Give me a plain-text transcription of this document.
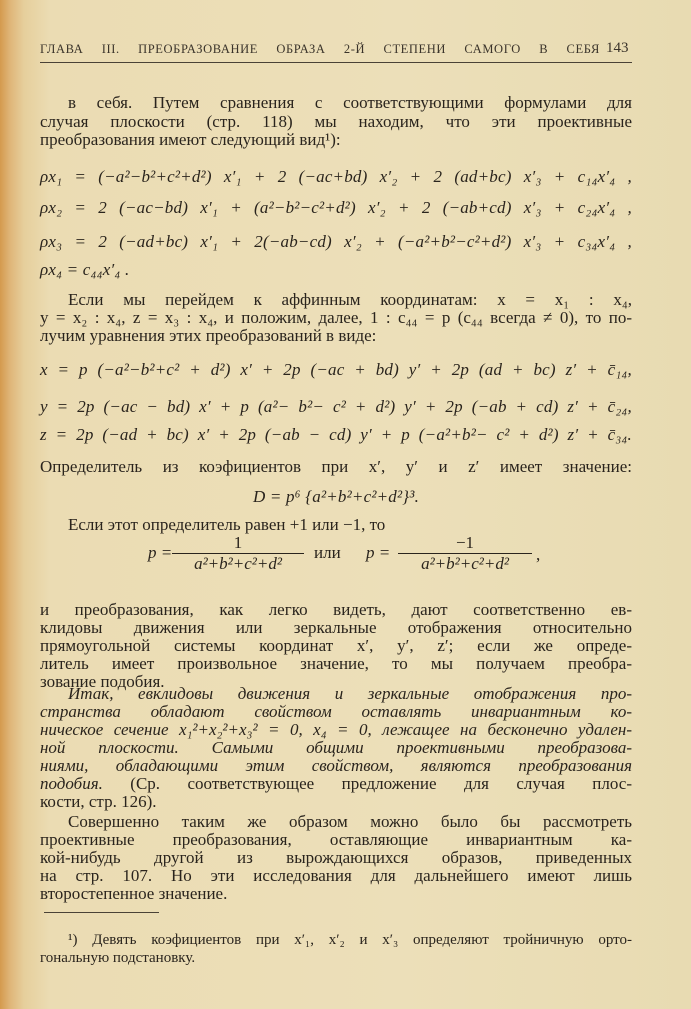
ГЛАВА III. ПРЕОБРАЗОВАНИЕ ОБРАЗА 2-Й СТЕПЕНИ САМОГО В СЕБЯ 143
в себя. Путем сравнения с соответствующими формулами для
случая плоскости (стр. 118) мы находим, что эти проективные
преобразования имеют следующий вид¹):
ρx₁ = (−a²−b²+c²+d²) x′₁ + 2 (−ac+bd) x′₂ + 2 (ad+bc) x′₃ + c₁₄x′₄ ,
ρx₂ = 2 (−ac−bd) x′₁ + (a²−b²−c²+d²) x′₂ + 2 (−ab+cd) x′₃ + c₂₄x′₄ ,
ρx₃ = 2 (−ad+bc) x′₁ + 2(−ab−cd) x′₂ + (−a²+b²−c²+d²) x′₃ + c₃₄x′₄ ,
ρx₄ = c₄₄x′₄ .
Если мы перейдем к аффинным координатам: x = x₁ : x₄,
y = x₂ : x₄, z = x₃ : x₄, и положим, далее, 1 : c₄₄ = p (c₄₄ всегда ≠ 0), то по-
лучим уравнения этих преобразований в виде:
x = p (−a²−b²+c² + d²) x′ + 2p (−ac + bd) y′ + 2p (ad + bc) z′ + c̄₁₄,
y = 2p (−ac − bd) x′ + p (a²− b²− c² + d²) y′ + 2p (−ab + cd) z′ + c̄₂₄,
z = 2p (−ad + bc) x′ + 2p (−ab − cd) y′ + p (−a²+b²− c² + d²) z′ + c̄₃₄.
Определитель из коэфициентов при x′, y′ и z′ имеет значение:
D = p⁶ {a²+b²+c²+d²}³.
Если этот определитель равен +1 или −1, то
и преобразования, как легко видеть, дают соответственно ев-
клидовы движения или зеркальные отображения относительно
прямоугольной системы координат x′, y′, z′; если же опреде-
литель имеет произвольное значение, то мы получаем преобра-
зование подобия.
Итак, евклидовы движения и зеркальные отображения про-
странства обладают свойством оставлять инвариантным ко-
ническое сечение x₁²+x₂²+x₃² = 0, x₄ = 0, лежащее на бесконечно удален-
ной плоскости. Самыми общими проективными преобразова-
ниями, обладающими этим свойством, являются преобразования
кости, стр. 126).
Совершенно таким же образом можно было бы рассмотреть
проективные преобразования, оставляющие инвариантным ка-
кой-нибудь другой из вырождающихся образов, приведенных
на стр. 107. Но эти исследования для дальнейшего имеют лишь
второстепенное значение.
¹) Девять коэфициентов при x′₁, x′₂ и x′₃ определяют тройничную орто-
гональную подстановку.
подобия. (Ср. соответствующее предложение для случая плос-
$p = \frac{1}{\text{a²+b²+c²+d²}}$ или $p = \frac{-1}{\text{a²+b²+c²+d²}}$ ,
